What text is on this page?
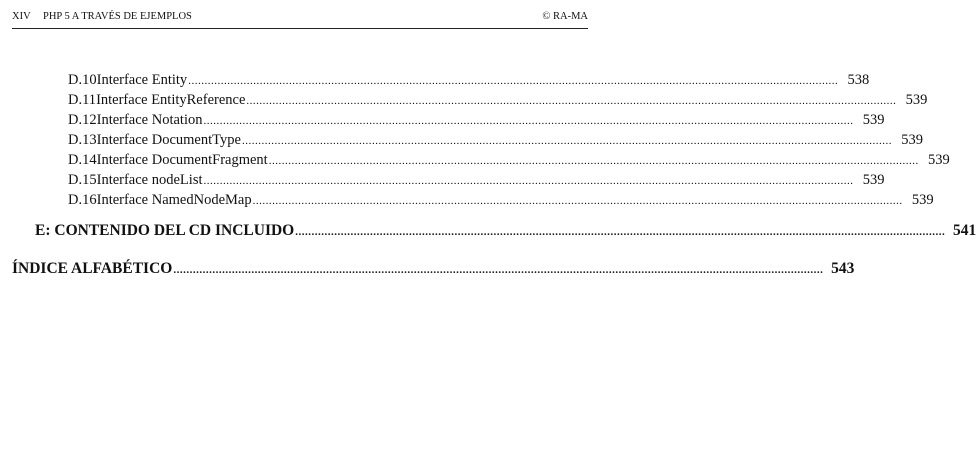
XIV PHP 5 A TRAVÉS DE EJEMPLOS	© RA-MA
D.10 Interface Entity ........................................................................................................................................................................................................ 538
D.11 Interface EntityReference ........................................................................................................................................................................................................ 539
D.12 Interface Notation ........................................................................................................................................................................................................ 539
D.13 Interface DocumentType ........................................................................................................................................................................................................ 539
D.14 Interface DocumentFragment ........................................................................................................................................................................................................ 539
D.15 Interface nodeList ........................................................................................................................................................................................................ 539
D.16 Interface NamedNodeMap ........................................................................................................................................................................................................ 539
E: CONTENIDO DEL CD INCLUIDO ........................................................................................................................................................................................................ 541
ÍNDICE ALFABÉTICO ........................................................................................................................................................................................................ 543
